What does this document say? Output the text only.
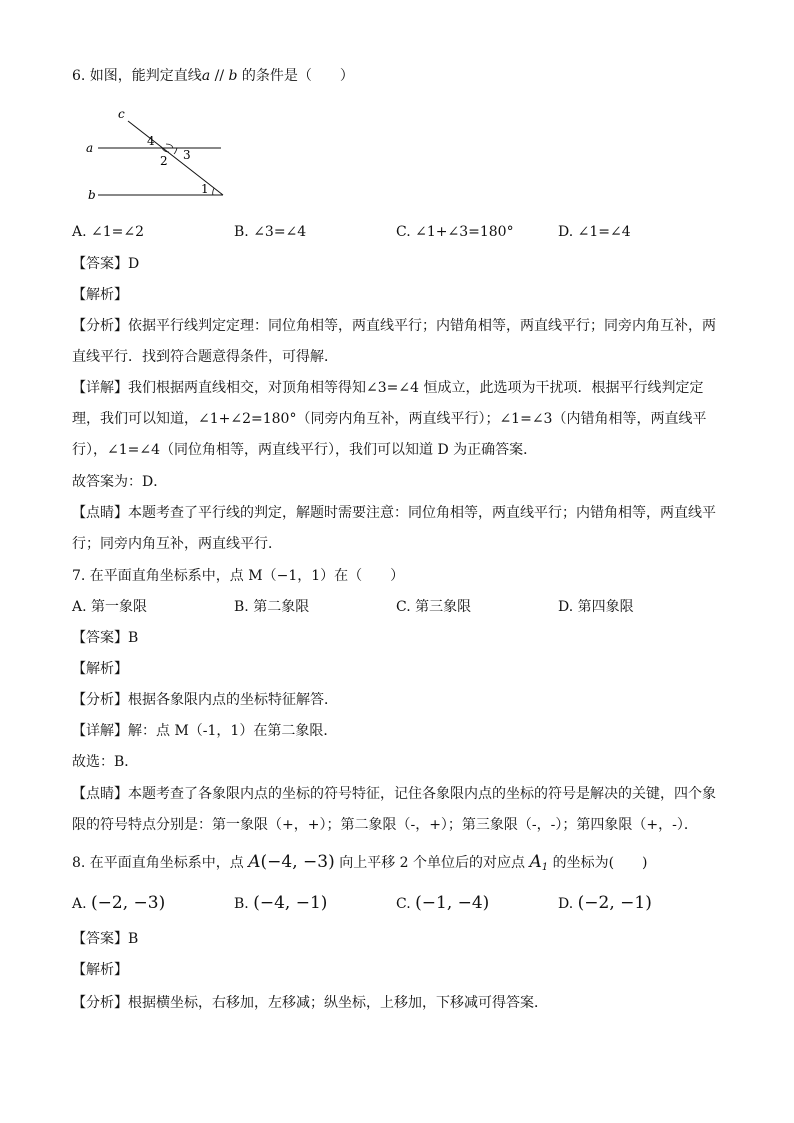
6. 如图，能判定直线a // b 的条件是（　　）
c
a
b
4
3
2
1
A. ∠1=∠2	B. ∠3=∠4	C. ∠1+∠3=180°	D. ∠1=∠4
【答案】D
【解析】
【分析】依据平行线判定定理：同位角相等，两直线平行；内错角相等，两直线平行；同旁内角互补，两直线平行．找到符合题意得条件，可得解．
【详解】我们根据两直线相交，对顶角相等得知∠3=∠4 恒成立，此选项为干扰项．根据平行线判定定理，我们可以知道，∠1+∠2=180°（同旁内角互补，两直线平行）；∠1=∠3（内错角相等，两直线平行），∠1=∠4（同位角相等，两直线平行），我们可以知道 D 为正确答案．
故答案为：D．
【点睛】本题考查了平行线的判定，解题时需要注意：同位角相等，两直线平行；内错角相等，两直线平行；同旁内角互补，两直线平行．
7. 在平面直角坐标系中，点 M（−1，1）在（　　）
A. 第一象限	B. 第二象限	C. 第三象限	D. 第四象限
【答案】B
【解析】
【分析】根据各象限内点的坐标特征解答．
【详解】解：点 M（-1，1）在第二象限．
故选：B．
【点睛】本题考查了各象限内点的坐标的符号特征，记住各象限内点的坐标的符号是解决的关键，四个象限的符号特点分别是：第一象限（+，+）；第二象限（-，+）；第三象限（-，-）；第四象限（+，-）．
8. 在平面直角坐标系中，点 A(−4, −3) 向上平移 2 个单位后的对应点 $A_1$ 的坐标为(　　)
A. (−2, −3)	B. (−4, −1)	C. (−1, −4)	D. (−2, −1)
【答案】B
【解析】
【分析】根据横坐标，右移加，左移减；纵坐标，上移加，下移减可得答案．
